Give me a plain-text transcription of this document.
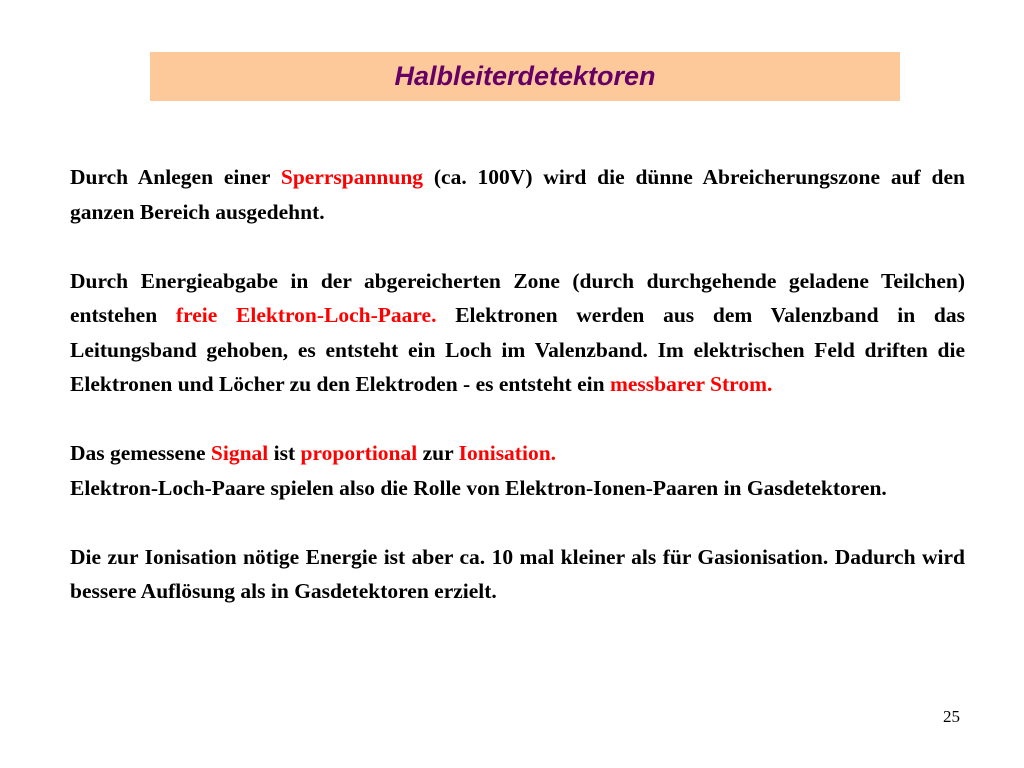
Halbleiterdetektoren

Durch Anlegen einer Sperrspannung (ca. 100V) wird die dünne Abreicherungszone auf den ganzen Bereich ausgedehnt.

Durch Energieabgabe in der abgereicherten Zone (durch durchgehende geladene Teilchen) entstehen freie Elektron-Loch-Paare. Elektronen werden aus dem Valenzband in das Leitungsband gehoben, es entsteht ein Loch im Valenzband. Im elektrischen Feld driften die Elektronen und Löcher zu den Elektroden - es entsteht ein messbarer Strom.

Das gemessene Signal ist proportional zur Ionisation.

Elektron-Loch-Paare spielen also die Rolle von Elektron-Ionen-Paaren in Gasdetektoren.

Die zur Ionisation nötige Energie ist aber ca. 10 mal kleiner als für Gasionisation. Dadurch wird bessere Auflösung als in Gasdetektoren erzielt.

25
